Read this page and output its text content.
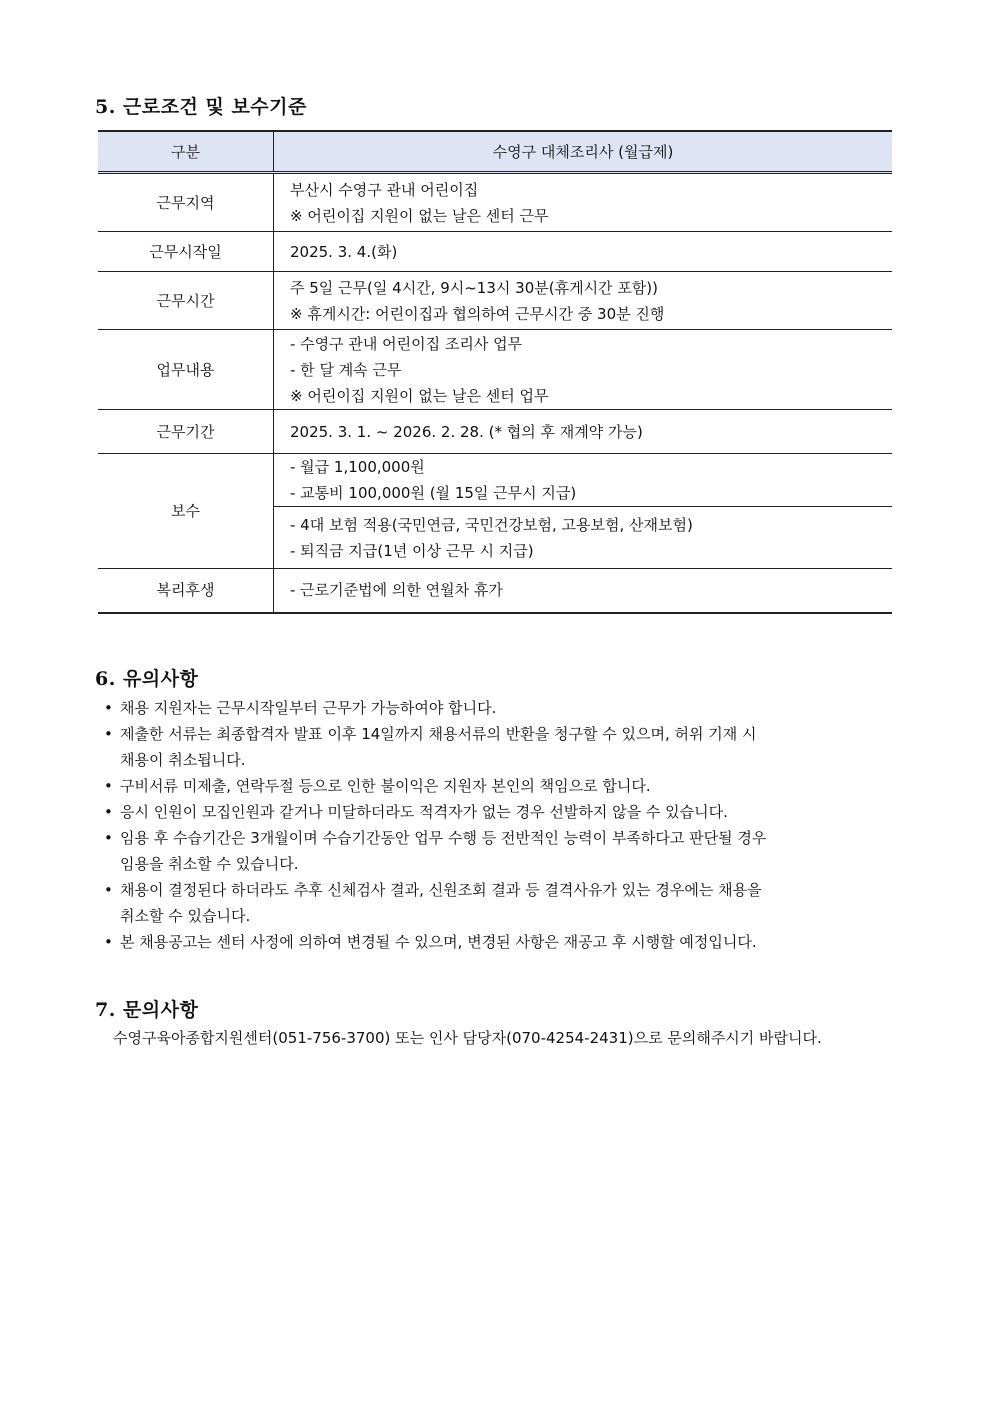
5. 근로조건 및 보수기준
구분	수영구 대체조리사 (월급제)
근무지역	부산시 수영구 관내 어린이집
※ 어린이집 지원이 없는 날은 센터 근무

근무시작일	2025. 3. 4.(화)

근무시간	주 5일 근무(일 4시간, 9시~13시 30분(휴게시간 포함))
※ 휴게시간: 어린이집과 협의하여 근무시간 중 30분 진행

업무내용	- 수영구 관내 어린이집 조리사 업무
- 한 달 계속 근무
※ 어린이집 지원이 없는 날은 센터 업무

근무기간	2025. 3. 1. ~ 2026. 2. 28. (* 협의 후 재계약 가능)

보수	- 월급 1,100,000원
- 교통비 100,000원 (월 15일 근무시 지급)

	- 4대 보험 적용(국민연금, 국민건강보험, 고용보험, 산재보험)
- 퇴직금 지급(1년 이상 근무 시 지급)

복리후생	- 근로기준법에 의한 연월차 휴가
6. 유의사항
• 채용 지원자는 근무시작일부터 근무가 가능하여야 합니다.
• 제출한 서류는 최종합격자 발표 이후 14일까지 채용서류의 반환을 청구할 수 있으며, 허위 기재 시
채용이 취소됩니다.
• 구비서류 미제출, 연락두절 등으로 인한 불이익은 지원자 본인의 책임으로 합니다.
• 응시 인원이 모집인원과 같거나 미달하더라도 적격자가 없는 경우 선발하지 않을 수 있습니다.
• 임용 후 수습기간은 3개월이며 수습기간동안 업무 수행 등 전반적인 능력이 부족하다고 판단될 경우
임용을 취소할 수 있습니다.
• 채용이 결정된다 하더라도 추후 신체검사 결과, 신원조회 결과 등 결격사유가 있는 경우에는 채용을
취소할 수 있습니다.
• 본 채용공고는 센터 사정에 의하여 변경될 수 있으며, 변경된 사항은 재공고 후 시행할 예정입니다.
7. 문의사항
수영구육아종합지원센터(051-756-3700) 또는 인사 담당자(070-4254-2431)으로 문의해주시기 바랍니다.
